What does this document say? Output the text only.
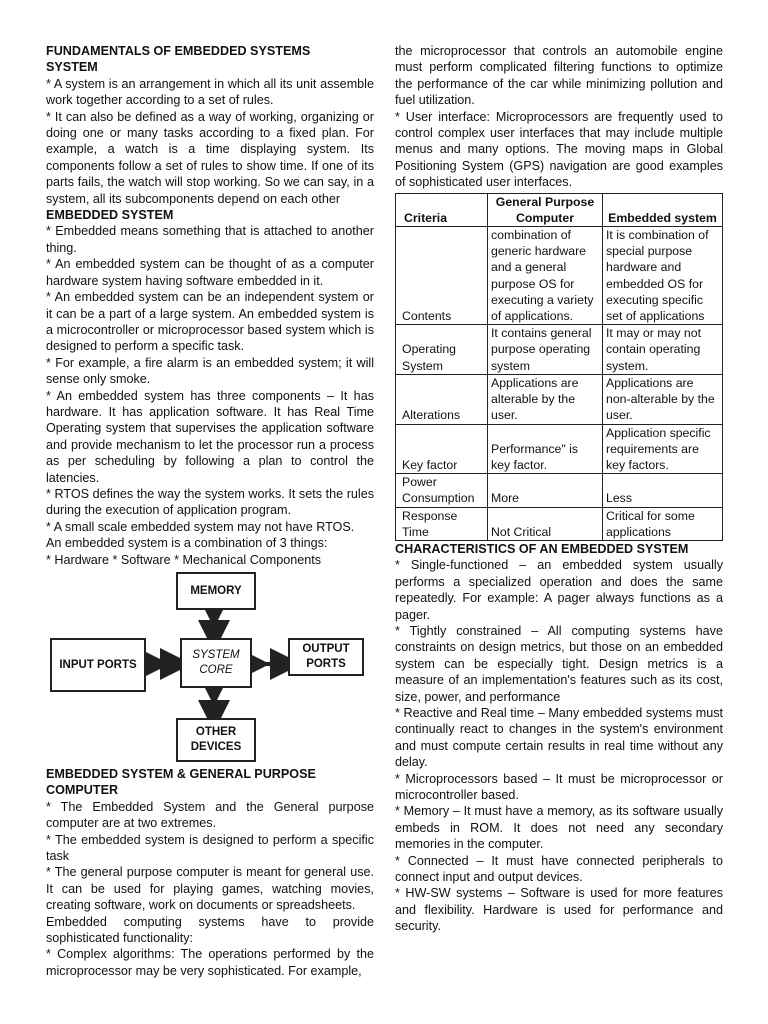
FUNDAMENTALS OF EMBEDDED SYSTEMS
SYSTEM

* A system is an arrangement in which all its unit assemble work together according to a set of rules.

* It can also be defined as a way of working, organizing or doing one or many tasks according to a fixed plan. For example, a watch is a time displaying system. Its components follow a set of rules to show time. If one of its parts fails, the watch will stop working. So we can say, in a system, all its subcomponents depend on each other

EMBEDDED SYSTEM

* Embedded means something that is attached to another thing.

* An embedded system can be thought of as a computer hardware system having software embedded in it.

* An embedded system can be an independent system or it can be a part of a large system. An embedded system is a microcontroller or microprocessor based system which is designed to perform a specific task.

* For example, a fire alarm is an embedded system; it will sense only smoke.

* An embedded system has three components – It has hardware. It has application software. It has Real Time Operating system that supervises the application software and provide mechanism to let the processor run a process as per scheduling by following a plan to control the latencies.

* RTOS defines the way the system works. It sets the rules during the execution of application program.

* A small scale embedded system may not have RTOS.

An embedded system is a combination of 3 things:

* Hardware * Software * Mechanical Components

MEMORY
INPUT PORTS
SYSTEM CORE
OUTPUT PORTS
OTHER DEVICES
EMBEDDED SYSTEM & GENERAL PURPOSE COMPUTER

* The Embedded System and the General purpose computer are at two extremes.

* The embedded system is designed to perform a specific task

* The general purpose computer is meant for general use. It can be used for playing games, watching movies, creating software, work on documents or spreadsheets.

Embedded computing systems have to provide sophisticated functionality:

* Complex algorithms: The operations performed by the microprocessor may be very sophisticated. For example,

the microprocessor that controls an automobile engine must perform complicated filtering functions to optimize the performance of the car while minimizing pollution and fuel utilization.

* User interface: Microprocessors are frequently used to control complex user interfaces that may include multiple menus and many options. The moving maps in Global Positioning System (GPS) navigation are good examples of sophisticated user interfaces.

Criteria	General Purpose Computer	Embedded system
Contents	combination of generic hardware and a general purpose OS for executing a variety of applications.	It is combination of special purpose hardware and embedded OS for executing specific set of applications
Operating System	It contains general purpose operating system	It may or may not contain operating system.
Alterations	Applications are alterable by the user.	Applications are non-alterable by the user.
Key factor	Performance" is key factor.	Application specific requirements are key factors.
Power Consumption	More	Less
Response Time	Not Critical	Critical for some applications
CHARACTERISTICS OF AN EMBEDDED SYSTEM

* Single-functioned – an embedded system usually performs a specialized operation and does the same repeatedly. For example: A pager always functions as a pager.

* Tightly constrained – All computing systems have constraints on design metrics, but those on an embedded system can be especially tight. Design metrics is a measure of an implementation's features such as its cost, size, power, and performance

* Reactive and Real time – Many embedded systems must continually react to changes in the system's environment and must compute certain results in real time without any delay.

* Microprocessors based – It must be microprocessor or microcontroller based.

* Memory – It must have a memory, as its software usually embeds in ROM. It does not need any secondary memories in the computer.

* Connected – It must have connected peripherals to connect input and output devices.

* HW-SW systems – Software is used for more features and flexibility. Hardware is used for performance and security.
